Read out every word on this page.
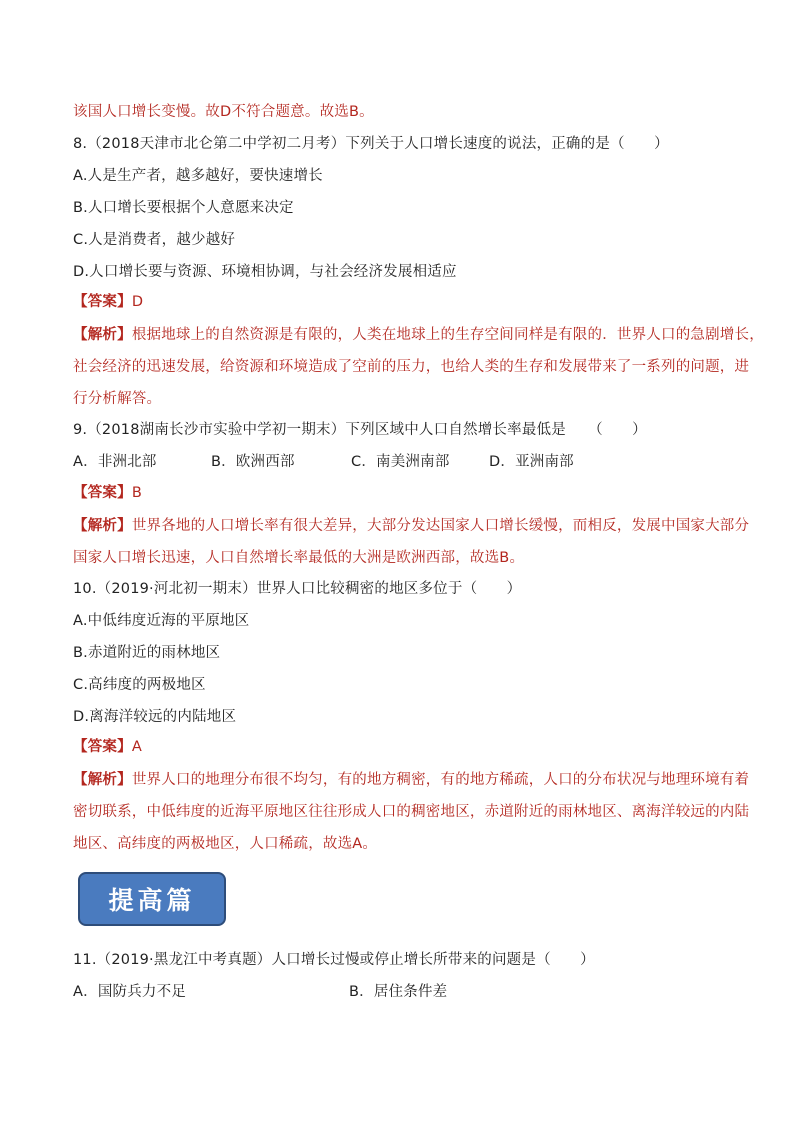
该国人口增长变慢。故D不符合题意。故选B。
8.（2018天津市北仑第二中学初二月考）下列关于人口增长速度的说法，正确的是（　　）
A.人是生产者，越多越好，要快速增长
B.人口增长要根据个人意愿来决定
C.人是消费者，越少越好
D.人口增长要与资源、环境相协调，与社会经济发展相适应
【答案】D
【解析】根据地球上的自然资源是有限的，人类在地球上的生存空间同样是有限的．世界人口的急剧增长，
社会经济的迅速发展，给资源和环境造成了空前的压力，也给人类的生存和发展带来了一系列的问题，进
行分析解答。
9.（2018湖南长沙市实验中学初一期末）下列区域中人口自然增长率最低是　　（　　）
A．非洲北部	B．欧洲西部	C．南美洲南部	D．亚洲南部
【答案】B
【解析】世界各地的人口增长率有很大差异，大部分发达国家人口增长缓慢，而相反，发展中国家大部分
国家人口增长迅速，人口自然增长率最低的大洲是欧洲西部，故选B。
10.（2019·河北初一期末）世界人口比较稠密的地区多位于（　　）
A.中低纬度近海的平原地区
B.赤道附近的雨林地区
C.高纬度的两极地区
D.离海洋较远的内陆地区
【答案】A
【解析】世界人口的地理分布很不均匀，有的地方稠密，有的地方稀疏，人口的分布状况与地理环境有着
密切联系，中低纬度的近海平原地区往往形成人口的稠密地区，赤道附近的雨林地区、离海洋较远的内陆
地区、高纬度的两极地区，人口稀疏，故选A。
提高篇
11.（2019·黑龙江中考真题）人口增长过慢或停止增长所带来的问题是（　　）
A．国防兵力不足	B．居住条件差
